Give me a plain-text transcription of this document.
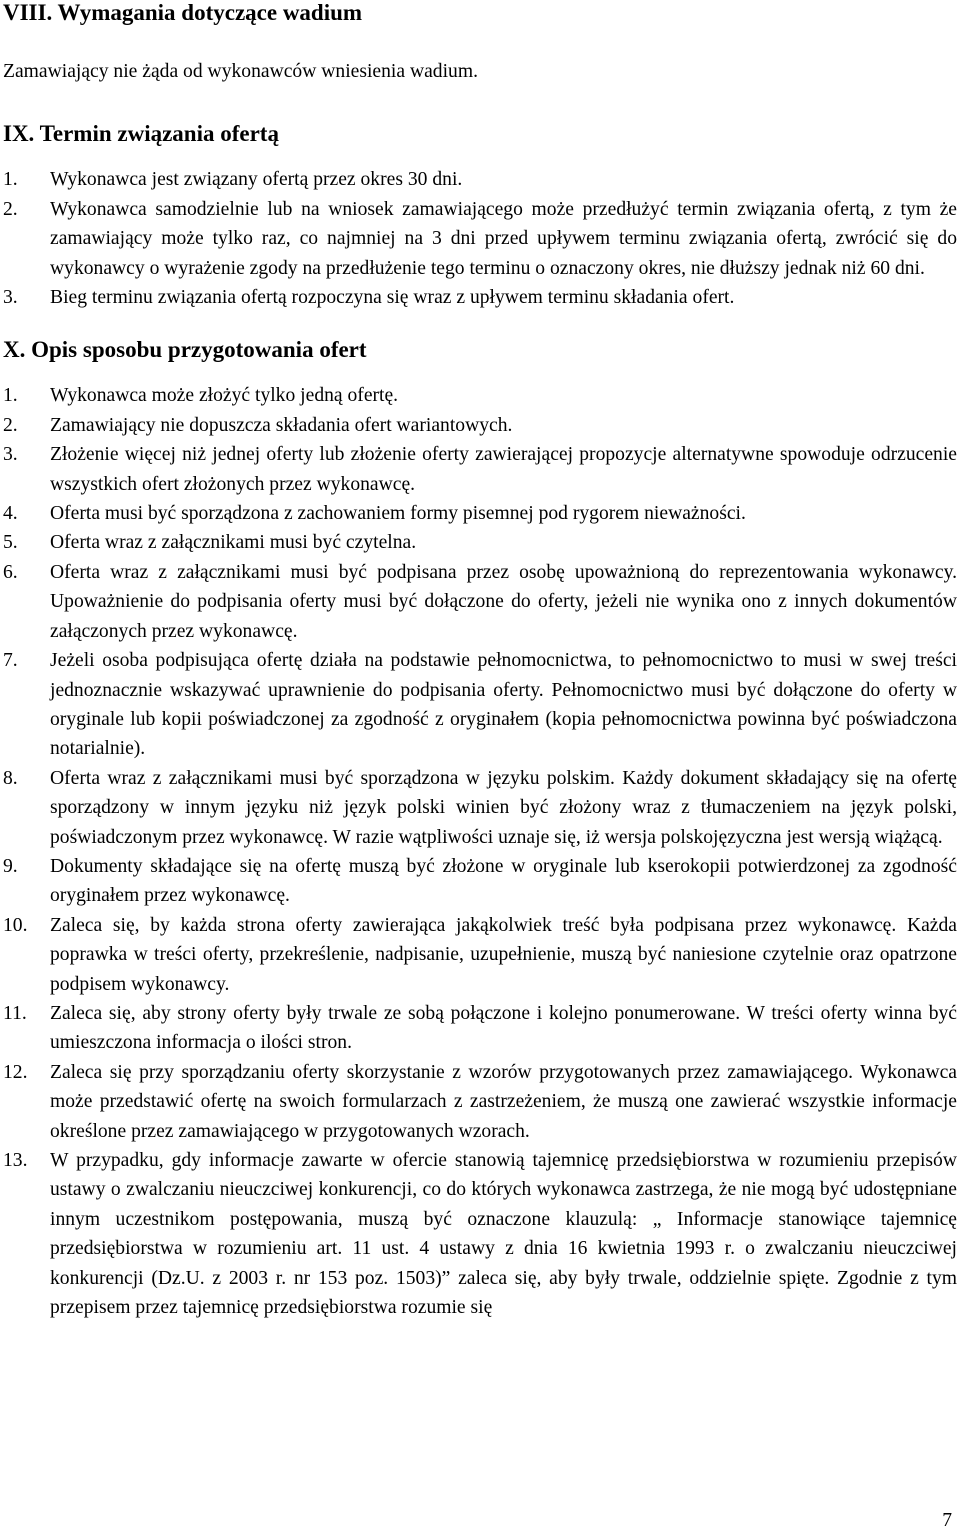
VIII. Wymagania dotyczące wadium

Zamawiający nie żąda od wykonawców wniesienia wadium.

IX. Termin związania ofertą
1.	Wykonawca jest związany ofertą przez okres 30 dni.
2.	Wykonawca samodzielnie lub na wniosek zamawiającego może przedłużyć termin związania ofertą, z tym że zamawiający może tylko raz, co najmniej na 3 dni przed upływem terminu związania ofertą, zwrócić się do wykonawcy o wyrażenie zgody na przedłużenie tego terminu o oznaczony okres, nie dłuższy jednak niż 60 dni.
3.	Bieg terminu związania ofertą rozpoczyna się wraz z upływem terminu składania ofert.
X. Opis sposobu przygotowania ofert
1.	Wykonawca może złożyć tylko jedną ofertę.
2.	Zamawiający nie dopuszcza składania ofert wariantowych.
3.	Złożenie więcej niż jednej oferty lub złożenie oferty zawierającej propozycje alternatywne spowoduje odrzucenie wszystkich ofert złożonych przez wykonawcę.
4.	Oferta musi być sporządzona z zachowaniem formy pisemnej pod rygorem nieważności.
5.	Oferta wraz z załącznikami musi być czytelna.
6.	Oferta wraz z załącznikami musi być podpisana przez osobę upoważnioną do reprezentowania wykonawcy. Upoważnienie do podpisania oferty musi być dołączone do oferty, jeżeli nie wynika ono z innych dokumentów załączonych przez wykonawcę.
7.	Jeżeli osoba podpisująca ofertę działa na podstawie pełnomocnictwa, to pełnomocnictwo to musi w swej treści jednoznacznie wskazywać uprawnienie do podpisania oferty. Pełnomocnictwo musi być dołączone do oferty w oryginale lub kopii poświadczonej za zgodność z oryginałem (kopia pełnomocnictwa powinna być poświadczona notarialnie).
8.	Oferta wraz z załącznikami musi być sporządzona w języku polskim. Każdy dokument składający się na ofertę sporządzony w innym języku niż język polski winien być złożony wraz z tłumaczeniem na język polski, poświadczonym przez wykonawcę. W razie wątpliwości uznaje się, iż wersja polskojęzyczna jest wersją wiążącą.
9.	Dokumenty składające się na ofertę muszą być złożone w oryginale lub kserokopii potwierdzonej za zgodność oryginałem przez wykonawcę.
10.	Zaleca się, by każda strona oferty zawierająca jakąkolwiek treść była podpisana przez wykonawcę. Każda poprawka w treści oferty, przekreślenie, nadpisanie, uzupełnienie, muszą być naniesione czytelnie oraz opatrzone podpisem wykonawcy.
11.	Zaleca się, aby strony oferty były trwale ze sobą połączone i kolejno ponumerowane. W treści oferty winna być umieszczona informacja o ilości stron.
12.	Zaleca się przy sporządzaniu oferty skorzystanie z wzorów przygotowanych przez zamawiającego. Wykonawca może przedstawić ofertę na swoich formularzach z zastrzeżeniem, że muszą one zawierać wszystkie informacje określone przez zamawiającego w przygotowanych wzorach.
13.	W przypadku, gdy informacje zawarte w ofercie stanowią tajemnicę przedsiębiorstwa w rozumieniu przepisów ustawy o zwalczaniu nieuczciwej konkurencji, co do których wykonawca zastrzega, że nie mogą być udostępniane innym uczestnikom postępowania, muszą być oznaczone klauzulą: „ Informacje stanowiące tajemnicę przedsiębiorstwa w rozumieniu art. 11 ust. 4 ustawy z dnia 16 kwietnia 1993 r. o zwalczaniu nieuczciwej konkurencji (Dz.U. z 2003 r. nr 153 poz. 1503)” zaleca się, aby były trwale, oddzielnie spięte. Zgodnie z tym przepisem przez tajemnicę przedsiębiorstwa rozumie się
7
